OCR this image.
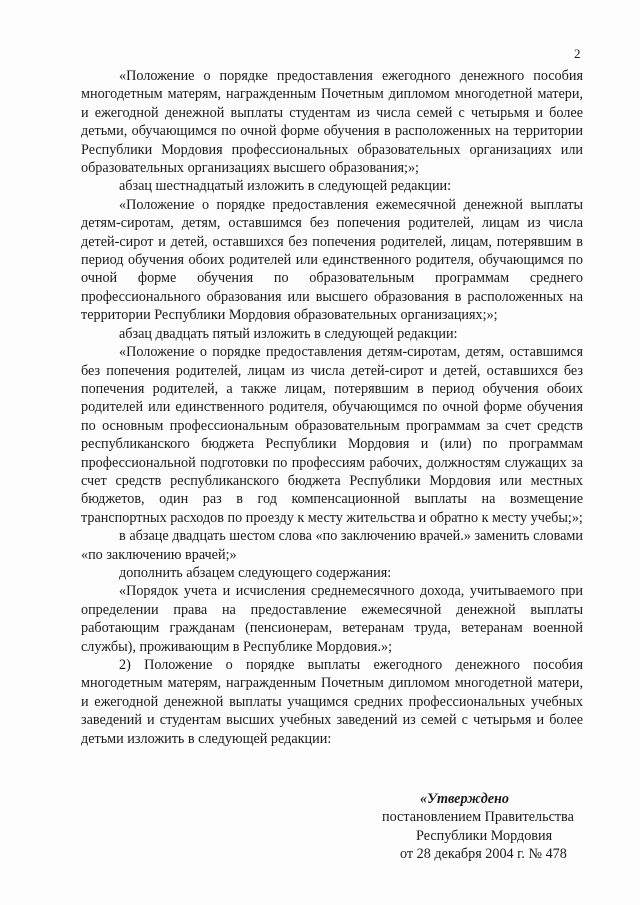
2

«Положение о порядке предоставления ежегодного денежного пособия многодетным матерям, награжденным Почетным дипломом многодетной матери, и ежегодной денежной выплаты студентам из числа семей с четырьмя и более детьми, обучающимся по очной форме обучения в расположенных на территории Республики Мордовия профессиональных образовательных организациях или образовательных организациях высшего образования;»;

абзац шестнадцатый изложить в следующей редакции:

«Положение о порядке предоставления ежемесячной денежной выплаты детям-сиротам, детям, оставшимся без попечения родителей, лицам из числа детей-сирот и детей, оставшихся без попечения родителей, лицам, потерявшим в период обучения обоих родителей или единственного родителя, обучающимся по очной форме обучения по образовательным программам среднего профессионального образования или высшего образования в расположенных на территории Республики Мордовия образовательных организациях;»;

абзац двадцать пятый изложить в следующей редакции:

«Положение о порядке предоставления детям-сиротам, детям, оставшимся без попечения родителей, лицам из числа детей-сирот и детей, оставшихся без попечения родителей, а также лицам, потерявшим в период обучения обоих родителей или единственного родителя, обучающимся по очной форме обучения по основным профессиональным образовательным программам за счет средств республиканского бюджета Республики Мордовия и (или) по программам профессиональной подготовки по профессиям рабочих, должностям служащих за счет средств республиканского бюджета Республики Мордовия или местных бюджетов, один раз в год компенсационной выплаты на возмещение транспортных расходов по проезду к месту жительства и обратно к месту учебы;»;

в абзаце двадцать шестом слова «по заключению врачей.» заменить словами «по заключению врачей;»

дополнить абзацем следующего содержания:

«Порядок учета и исчисления среднемесячного дохода, учитываемого при определении права на предоставление ежемесячной денежной выплаты работающим гражданам (пенсионерам, ветеранам труда, ветеранам военной службы), проживающим в Республике Мордовия.»;

2) Положение о порядке выплаты ежегодного денежного пособия многодетным матерям, награжденным Почетным дипломом многодетной матери, и ежегодной денежной выплаты учащимся средних профессиональных учебных заведений и студентам высших учебных заведений из семей с четырьмя и более детьми изложить в следующей редакции:

«Утверждено
постановлением Правительства
Республики Мордовия
от 28 декабря 2004 г. № 478
